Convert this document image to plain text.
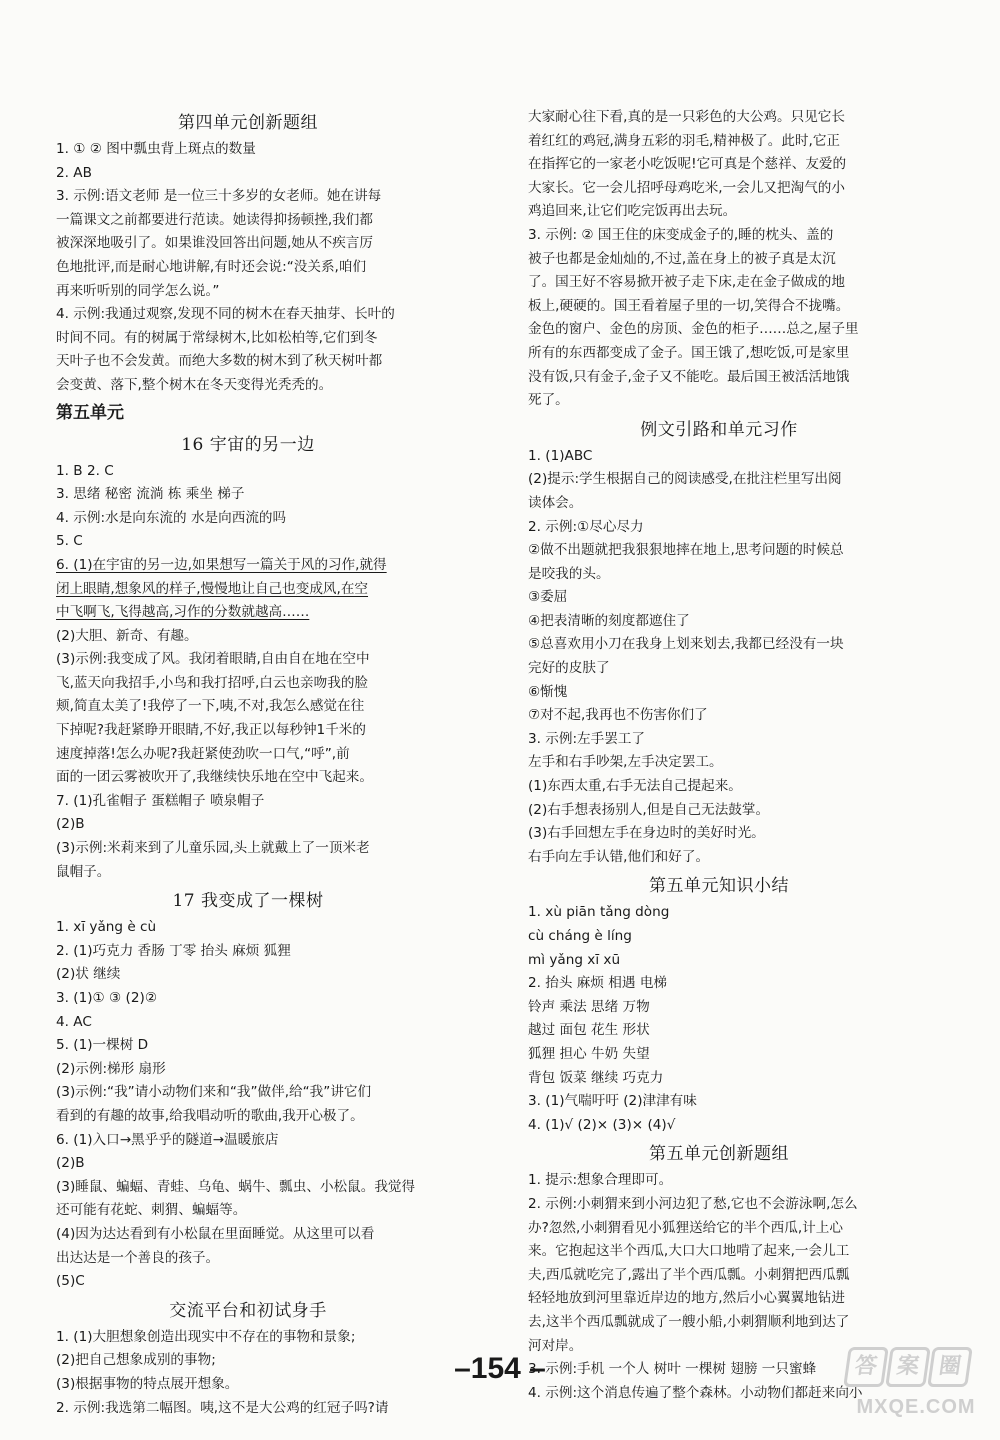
第四单元创新题组
1. ① ② 图中瓢虫背上斑点的数量
2. AB
3. 示例:语文老师 是一位三十多岁的女老师。她在讲每
一篇课文之前都要进行范读。她读得抑扬顿挫,我们都
被深深地吸引了。如果谁没回答出问题,她从不疾言厉
色地批评,而是耐心地讲解,有时还会说:“没关系,咱们
再来听听别的同学怎么说。”
4. 示例:我通过观察,发现不同的树木在春天抽芽、长叶的
时间不同。有的树属于常绿树木,比如松柏等,它们到冬
天叶子也不会发黄。而绝大多数的树木到了秋天树叶都
会变黄、落下,整个树木在冬天变得光秃秃的。
第五单元
16 宇宙的另一边
1. B 2. C
3. 思绪 秘密 流淌 栋 乘坐 梯子
4. 示例:水是向东流的 水是向西流的吗
5. C
6. (1)在宇宙的另一边,如果想写一篇关于风的习作,就得
闭上眼睛,想象风的样子,慢慢地让自己也变成风,在空
中飞啊飞,飞得越高,习作的分数就越高……
(2)大胆、新奇、有趣。
(3)示例:我变成了风。我闭着眼睛,自由自在地在空中
飞,蓝天向我招手,小鸟和我打招呼,白云也亲吻我的脸
颊,简直太美了!我停了一下,咦,不对,我怎么感觉在往
下掉呢?我赶紧睁开眼睛,不好,我正以每秒钟1千米的
速度掉落!怎么办呢?我赶紧使劲吹一口气,“呼”,前
面的一团云雾被吹开了,我继续快乐地在空中飞起来。
7. (1)孔雀帽子 蛋糕帽子 喷泉帽子
(2)B
(3)示例:米莉来到了儿童乐园,头上就戴上了一顶米老
鼠帽子。
17 我变成了一棵树
1. xī yǎng è cù
2. (1)巧克力 香肠 丁零 抬头 麻烦 狐狸
(2)状 继续
3. (1)① ③ (2)②
4. AC
5. (1)一棵树 D
(2)示例:梯形 扇形
(3)示例:“我”请小动物们来和“我”做伴,给“我”讲它们
看到的有趣的故事,给我唱动听的歌曲,我开心极了。
6. (1)入口→黑乎乎的隧道→温暖旅店
(2)B
(3)睡鼠、蝙蝠、青蛙、乌龟、蜗牛、瓢虫、小松鼠。我觉得
还可能有花蛇、刺猬、蝙蝠等。
(4)因为达达看到有小松鼠在里面睡觉。从这里可以看
出达达是一个善良的孩子。
(5)C
交流平台和初试身手
1. (1)大胆想象创造出现实中不存在的事物和景象;
(2)把自己想象成别的事物;
(3)根据事物的特点展开想象。
2. 示例:我选第二幅图。咦,这不是大公鸡的红冠子吗?请
大家耐心往下看,真的是一只彩色的大公鸡。只见它长
着红红的鸡冠,满身五彩的羽毛,精神极了。此时,它正
在指挥它的一家老小吃饭呢!它可真是个慈祥、友爱的
大家长。它一会儿招呼母鸡吃米,一会儿又把淘气的小
鸡追回来,让它们吃完饭再出去玩。
3. 示例: ② 国王住的床变成金子的,睡的枕头、盖的
被子也都是金灿灿的,不过,盖在身上的被子真是太沉
了。国王好不容易掀开被子走下床,走在金子做成的地
板上,硬硬的。国王看着屋子里的一切,笑得合不拢嘴。
金色的窗户、金色的房顶、金色的柜子……总之,屋子里
所有的东西都变成了金子。国王饿了,想吃饭,可是家里
没有饭,只有金子,金子又不能吃。最后国王被活活地饿
死了。
例文引路和单元习作
1. (1)ABC
(2)提示:学生根据自己的阅读感受,在批注栏里写出阅
读体会。
2. 示例:①尽心尽力
②做不出题就把我狠狠地摔在地上,思考问题的时候总
是咬我的头。
③委屈
④把表清晰的刻度都遮住了
⑤总喜欢用小刀在我身上划来划去,我都已经没有一块
完好的皮肤了
⑥惭愧
⑦对不起,我再也不伤害你们了
3. 示例:左手罢工了
左手和右手吵架,左手决定罢工。
(1)东西太重,右手无法自己提起来。
(2)右手想表扬别人,但是自己无法鼓掌。
(3)右手回想左手在身边时的美好时光。
右手向左手认错,他们和好了。
第五单元知识小结
1. xù piān tǎng dòng
cù cháng è líng
mì yǎng xī xū
2. 抬头 麻烦 相遇 电梯
铃声 乘法 思绪 万物
越过 面包 花生 形状
狐狸 担心 牛奶 失望
背包 饭菜 继续 巧克力
3. (1)气喘吁吁 (2)津津有味
4. (1)√ (2)× (3)× (4)√
第五单元创新题组
1. 提示:想象合理即可。
2. 示例:小刺猬来到小河边犯了愁,它也不会游泳啊,怎么
办?忽然,小刺猬看见小狐狸送给它的半个西瓜,计上心
来。它抱起这半个西瓜,大口大口地啃了起来,一会儿工
夫,西瓜就吃完了,露出了半个西瓜瓢。小刺猬把西瓜瓢
轻轻地放到河里靠近岸边的地方,然后小心翼翼地钻进
去,这半个西瓜瓢就成了一艘小船,小刺猬顺利地到达了
河对岸。
3. 示例:手机 一个人 树叶 一棵树 翅膀 一只蜜蜂
4. 示例:这个消息传遍了整个森林。小动物们都赶来向小
–154 –	答 案 圈
MXQE.COM
